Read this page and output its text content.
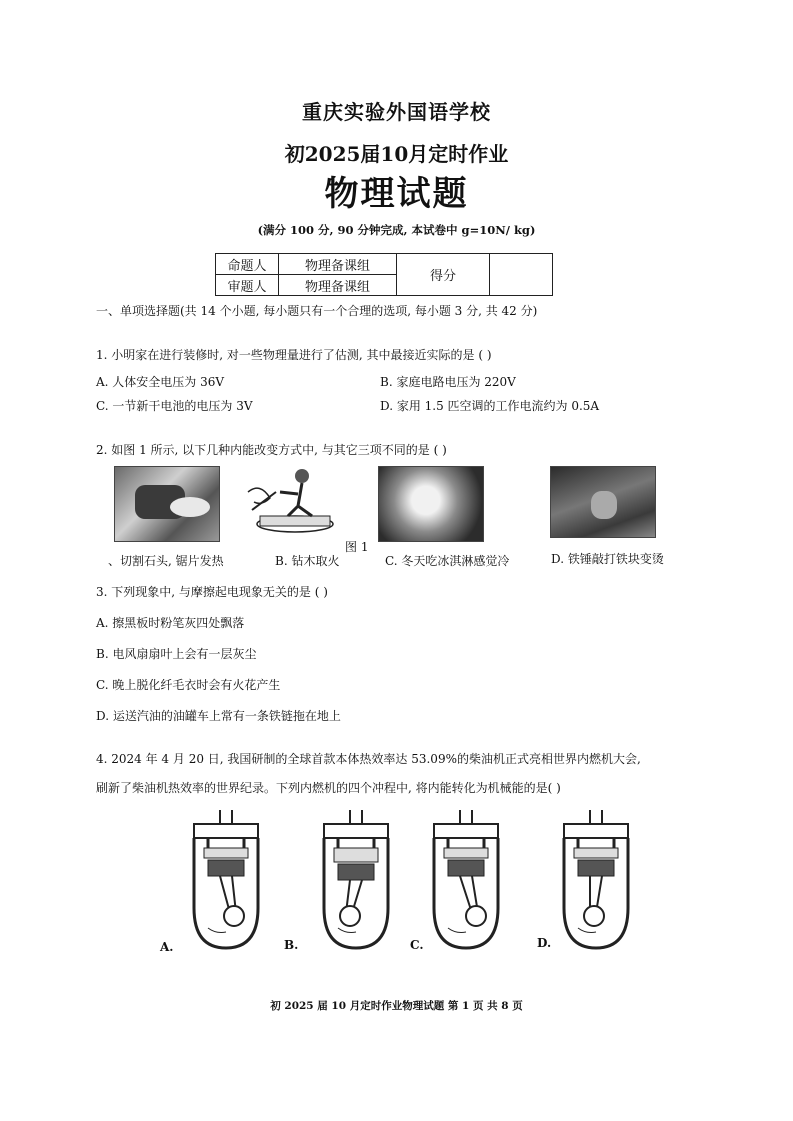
重庆实验外国语学校
初2025届10月定时作业
物理试题
(满分 100 分, 90 分钟完成, 本试卷中 g=10N/ kg)
命题人	物理备课组	得分	
审题人	物理备课组		
一、单项选择题(共 14 个小题, 每小题只有一个合理的选项, 每小题 3 分, 共 42 分)
1. 小明家在进行装修时, 对一些物理量进行了估测, 其中最接近实际的是 ( )
A. 人体安全电压为 36V	B. 家庭电路电压为 220V
C. 一节新干电池的电压为 3V	D. 家用 1.5 匹空调的工作电流约为 0.5A
2. 如图 1 所示, 以下几种内能改变方式中, 与其它三项不同的是 ( )
图 1
、切割石头, 锯片发热	B. 钻木取火	C. 冬天吃冰淇淋感觉冷	D. 铁锤敲打铁块变烫
3. 下列现象中, 与摩擦起电现象无关的是 ( )
A. 擦黑板时粉笔灰四处飘落
B. 电风扇扇叶上会有一层灰尘
C. 晚上脱化纤毛衣时会有火花产生
D. 运送汽油的油罐车上常有一条铁链拖在地上
4. 2024 年 4 月 20 日, 我国研制的全球首款本体热效率达 53.09%的柴油机正式亮相世界内燃机大会,
刷新了柴油机热效率的世界纪录。下列内燃机的四个冲程中, 将内能转化为机械能的是( )
A.	B.	C.	D.
初 2025 届 10 月定时作业物理试题 第 1 页 共 8 页
